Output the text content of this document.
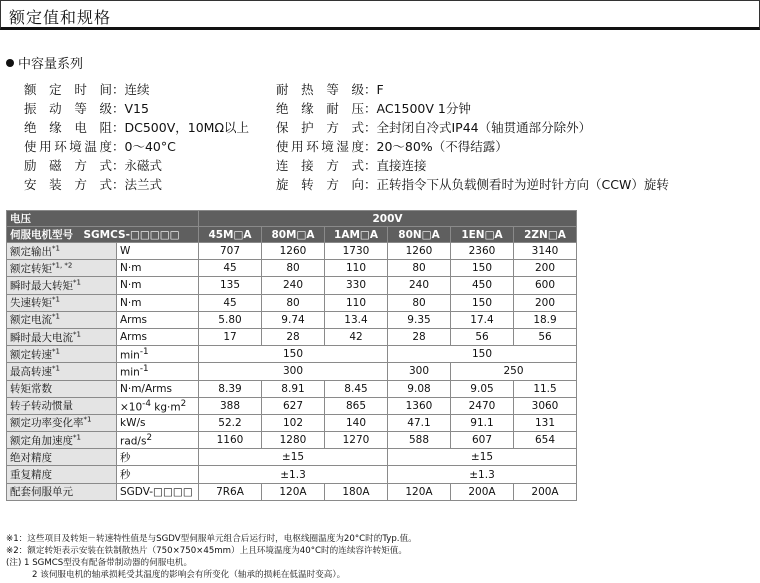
额定值和规格
中容量系列
额定时间：连续
振动等级：V15
绝缘电阻：DC500V，10MΩ以上
使用环境温度：0～40°C
励磁方式：永磁式
安装方式：法兰式
耐热等级：F
绝缘耐压：AC1500V 1分钟
保护方式：全封闭自冷式IP44（轴贯通部分除外）
使用环境湿度：20～80%（不得结露）
连接方式：直接连接
旋转方向：正转指令下从负载侧看时为逆时针方向（CCW）旋转
电压		200V					
伺服电机型号　SGMCS-□□□□□		45M□A	80M□A	1AM□A	80N□A	1EN□A	2ZN□A
额定输出$^{*1}$	W	707	1260	1730	1260	2360	3140
额定转矩$^{*1, *2}$	N·m	45	80	110	80	150	200
瞬时最大转矩$^{*1}$	N·m	135	240	330	240	450	600
失速转矩$^{*1}$	N·m	45	80	110	80	150	200
额定电流$^{*1}$	Arms	5.80	9.74	13.4	9.35	17.4	18.9
瞬时最大电流$^{*1}$	Arms	17	28	42	28	56	56
额定转速$^{*1}$	$\min^{-1}$	150			150		
最高转速$^{*1}$	$\min^{-1}$	300			300	250	
转矩常数	N·m/Arms	8.39	8.91	8.45	9.08	9.05	11.5
转子转动惯量	$\times 10^{-4}$ $kg\cdot m^2$	388	627	865	1360	2470	3060
额定功率变化率$^{*1}$	kW/s	52.2	102	140	47.1	91.1	131
额定角加速度$^{*1}$	rad/$s^2$	1160	1280	1270	588	607	654
绝对精度	秒	±15			±15		
重复精度	秒	±1.3			±1.3		
配套伺服单元	SGDV-□□□□	7R6A	120A	180A	120A	200A	200A
※1：这些项目及转矩－转速特性值是与SGDV型伺服单元组合后运行时，电枢线圈温度为20°C时的Typ.值。
※2：额定转矩表示安装在铁制散热片（750×750×45mm）上且环境温度为40°C时的连续容许转矩值。
(注) 1 SGMCS型没有配备带制动器的伺服电机。
2 该伺服电机的轴承损耗受其温度的影响会有所变化（轴承的损耗在低温时变高）。
